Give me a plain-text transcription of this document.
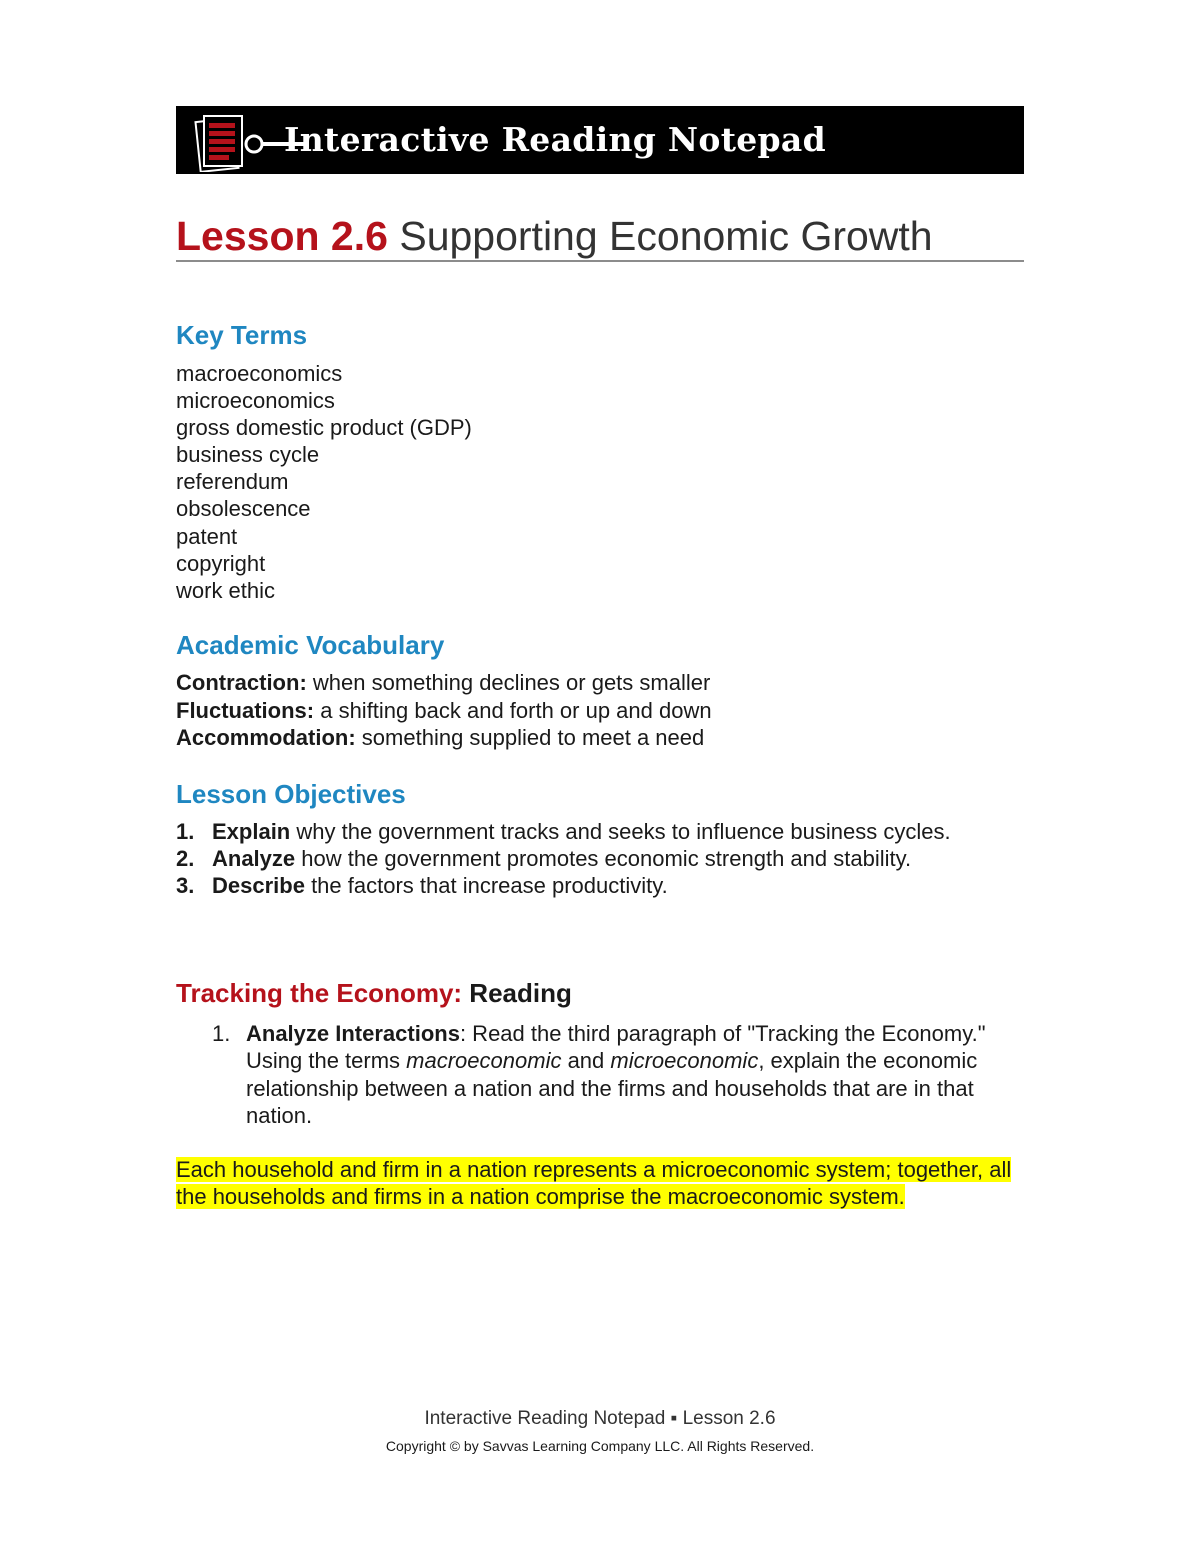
Interactive Reading Notepad
Lesson 2.6 Supporting Economic Growth
Key Terms
macroeconomics
microeconomics
gross domestic product (GDP)
business cycle
referendum
obsolescence
patent
copyright
work ethic
Academic Vocabulary
Contraction: when something declines or gets smaller
Fluctuations: a shifting back and forth or up and down
Accommodation: something supplied to meet a need
Lesson Objectives
1. Explain why the government tracks and seeks to influence business cycles.
2. Analyze how the government promotes economic strength and stability.
3. Describe the factors that increase productivity.
Tracking the Economy: Reading
1. Analyze Interactions: Read the third paragraph of "Tracking the Economy." Using the terms macroeconomic and microeconomic, explain the economic relationship between a nation and the firms and households that are in that nation.
Each household and firm in a nation represents a microeconomic system; together, all the households and firms in a nation comprise the macroeconomic system.
Interactive Reading Notepad ▪ Lesson 2.6
Copyright © by Savvas Learning Company LLC. All Rights Reserved.
